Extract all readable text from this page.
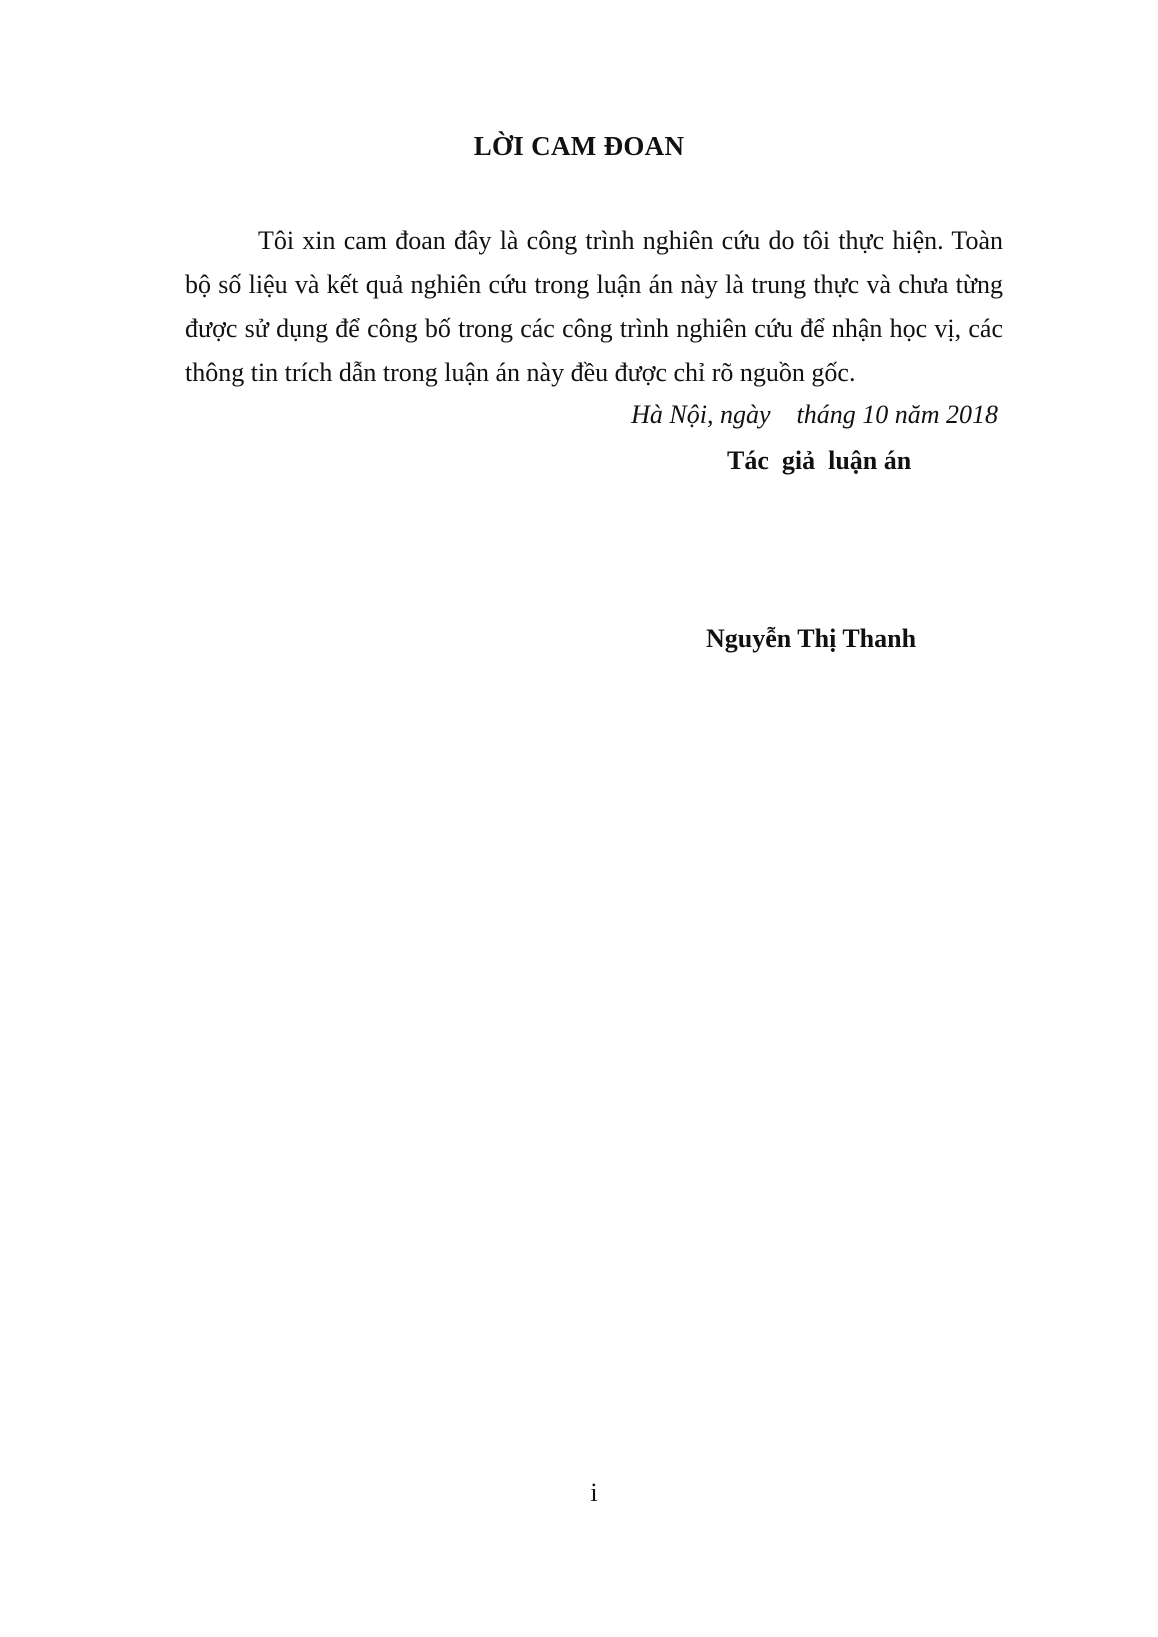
LỜI CAM ĐOAN

Tôi xin cam đoan đây là công trình nghiên cứu do tôi thực hiện. Toàn bộ số liệu và kết quả nghiên cứu trong luận án này là trung thực và chưa từng được sử dụng để công bố trong các công trình nghiên cứu để nhận học vị, các thông tin trích dẫn trong luận án này đều được chỉ rõ nguồn gốc.

Hà Nội, ngày    tháng 10 năm 2018
Tác  giả  luận án
Nguyễn Thị Thanh
i
